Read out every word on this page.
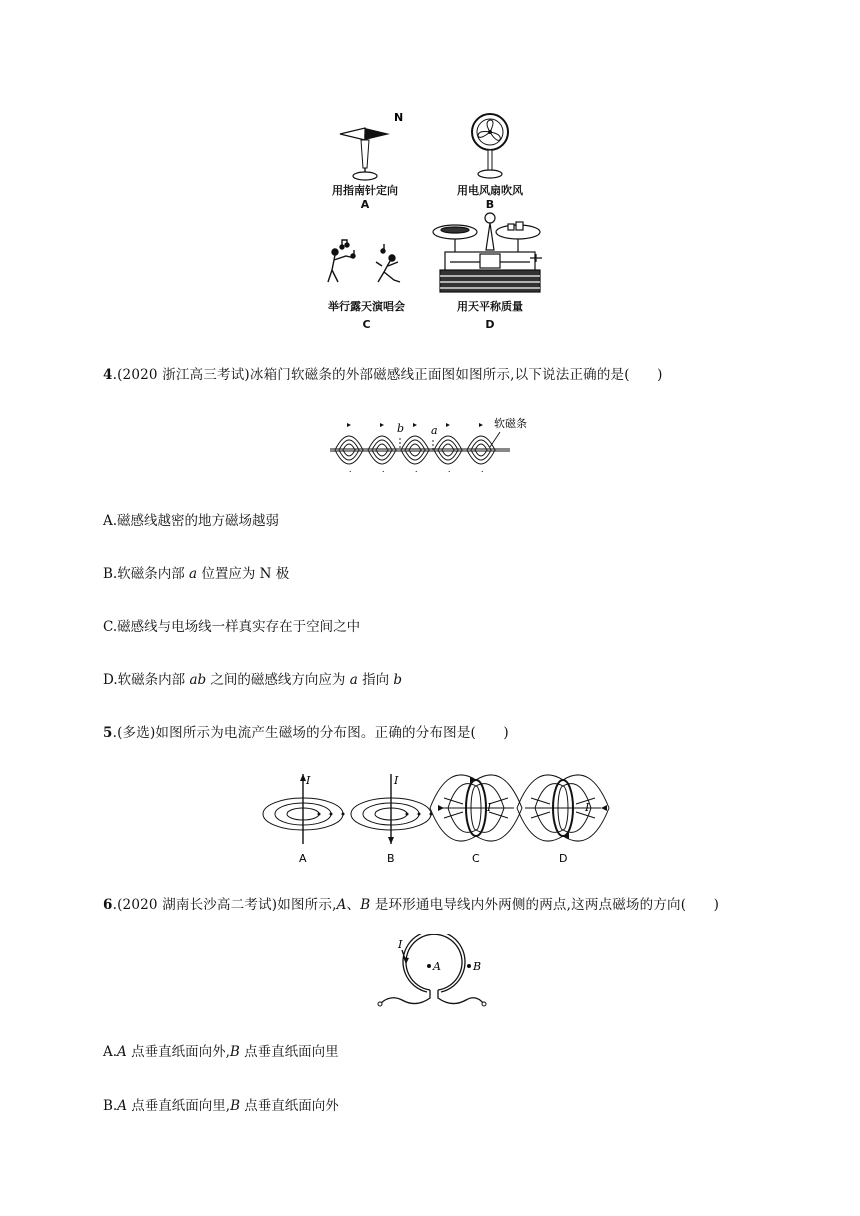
N
用指南针定向
A
用电风扇吹风
B
举行露天演唱会
C
用天平称质量
D
4.(2020 浙江高三考试)冰箱门软磁条的外部磁感线正面图如图所示,以下说法正确的是(　　)
b a
软磁条
A.磁感线越密的地方磁场越弱
B.软磁条内部 a 位置应为 N 极
C.磁感线与电场线一样真实存在于空间之中
D.软磁条内部 ab 之间的磁感线方向应为 a 指向 b
5.(多选)如图所示为电流产生磁场的分布图。正确的分布图是(　　)
I	I
I	I
A	B	C	D
6.(2020 湖南长沙高二考试)如图所示,A、B 是环形通电导线内外两侧的两点,这两点磁场的方向(　　)
I
A	B
A.A 点垂直纸面向外,B 点垂直纸面向里
B.A 点垂直纸面向里,B 点垂直纸面向外
